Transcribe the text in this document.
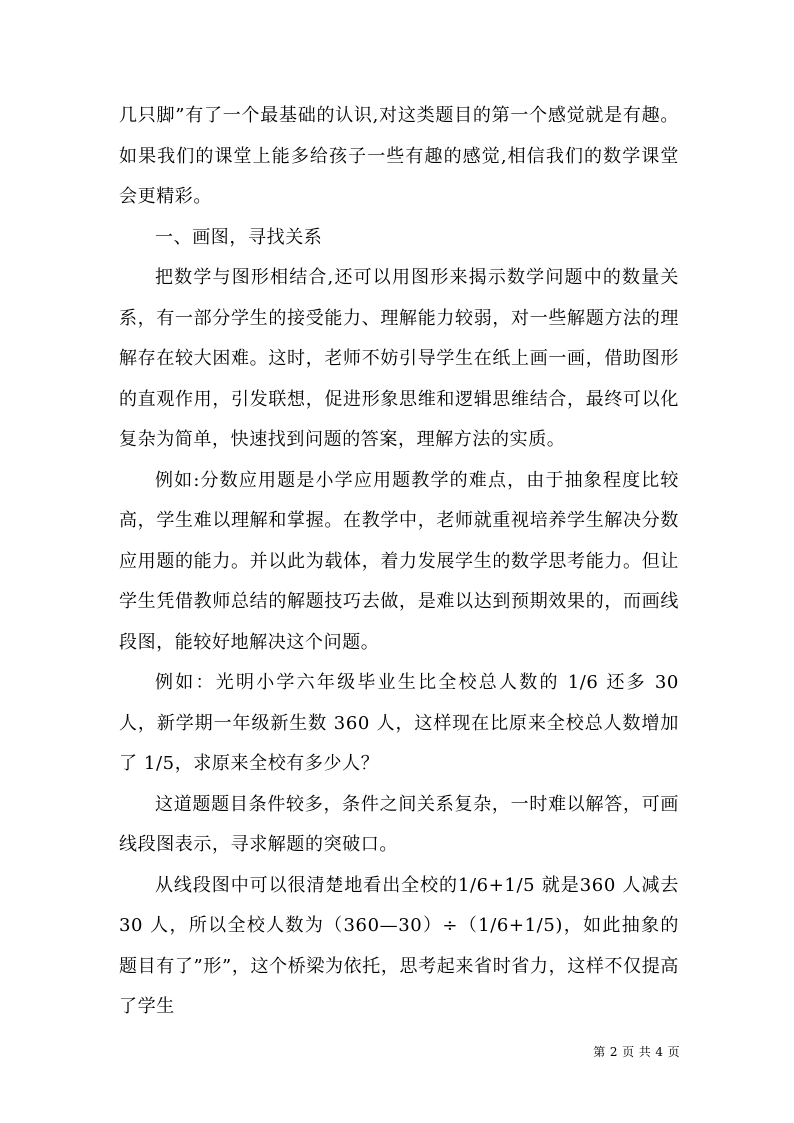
几只脚”有了一个最基础的认识,对这类题目的第一个感觉就是有趣。如果我们的课堂上能多给孩子一些有趣的感觉,相信我们的数学课堂会更精彩。

一、画图，寻找关系

把数学与图形相结合,还可以用图形来揭示数学问题中的数量关系，有一部分学生的接受能力、理解能力较弱，对一些解题方法的理解存在较大困难。这时，老师不妨引导学生在纸上画一画，借助图形的直观作用，引发联想，促进形象思维和逻辑思维结合，最终可以化复杂为简单，快速找到问题的答案，理解方法的实质。

例如:分数应用题是小学应用题教学的难点，由于抽象程度比较高，学生难以理解和掌握。在教学中，老师就重视培养学生解决分数应用题的能力。并以此为载体，着力发展学生的数学思考能力。但让学生凭借教师总结的解题技巧去做，是难以达到预期效果的，而画线段图，能较好地解决这个问题。

例如：光明小学六年级毕业生比全校总人数的 1/6 还多 30 人，新学期一年级新生数 360 人，这样现在比原来全校总人数增加了 1/5，求原来全校有多少人？

这道题题目条件较多，条件之间关系复杂，一时难以解答，可画线段图表示，寻求解题的突破口。

从线段图中可以很清楚地看出全校的1/6+1/5 就是360 人减去30 人，所以全校人数为（360—30）÷（1/6+1/5)，如此抽象的题目有了”形”，这个桥梁为依托，思考起来省时省力，这样不仅提高了学生

第 2 页 共 4 页
